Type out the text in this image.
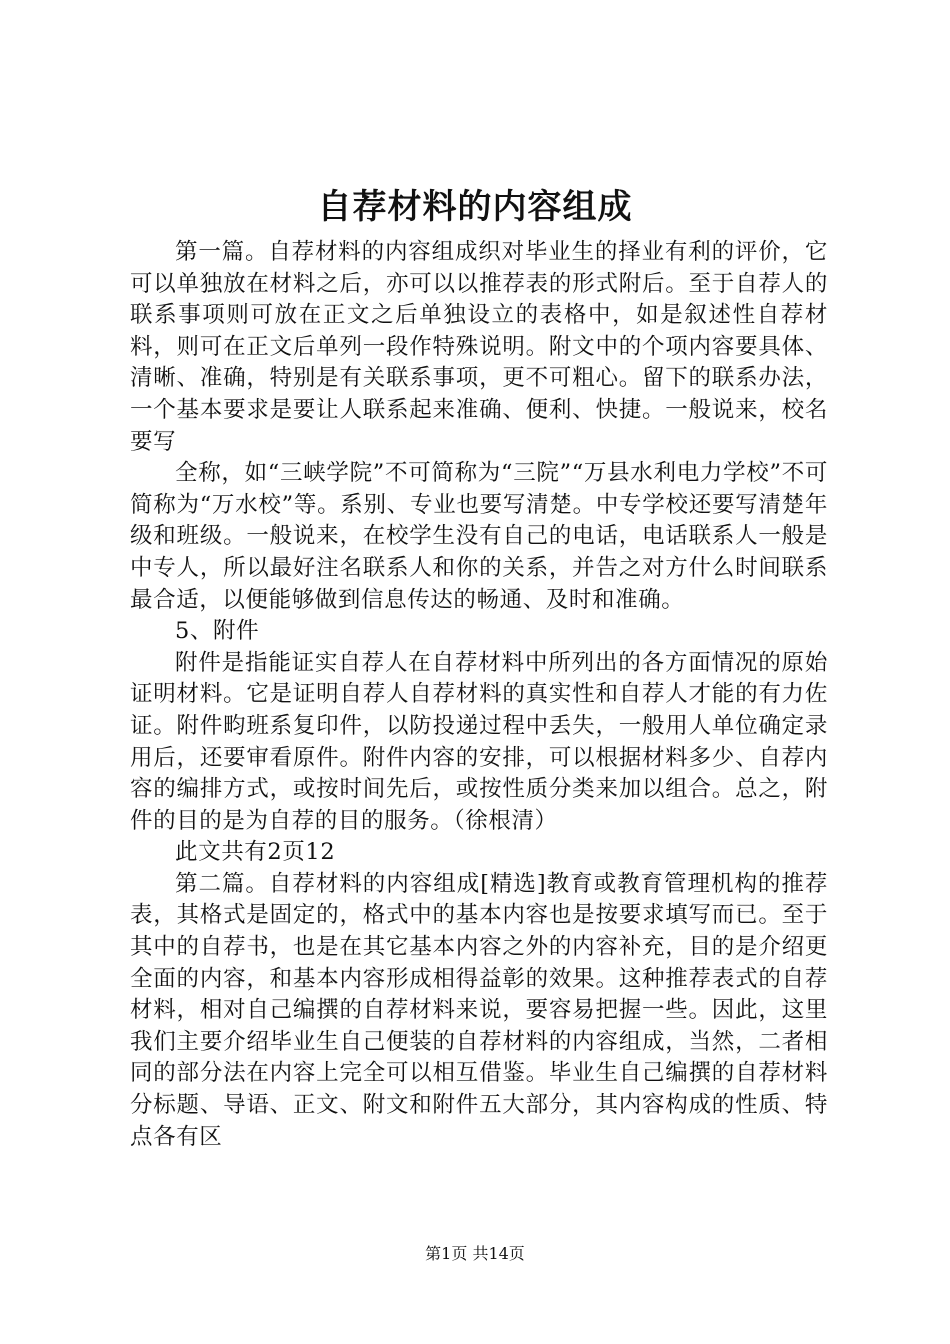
自荐材料的内容组成

第一篇。自荐材料的内容组成织对毕业生的择业有利的评价，它可以单独放在材料之后，亦可以以推荐表的形式附后。至于自荐人的联系事项则可放在正文之后单独设立的表格中，如是叙述性自荐材料，则可在正文后单列一段作特殊说明。附文中的个项内容要具体、清晰、准确，特别是有关联系事项，更不可粗心。留下的联系办法，一个基本要求是要让人联系起来准确、便利、快捷。一般说来，校名要写

全称，如“三峡学院”不可简称为“三院”“万县水利电力学校”不可简称为“万水校”等。系别、专业也要写清楚。中专学校还要写清楚年级和班级。一般说来，在校学生没有自己的电话，电话联系人一般是中专人，所以最好注名联系人和你的关系，并告之对方什么时间联系最合适，以便能够做到信息传达的畅通、及时和准确。

5、附件

附件是指能证实自荐人在自荐材料中所列出的各方面情况的原始证明材料。它是证明自荐人自荐材料的真实性和自荐人才能的有力佐证。附件畇班系复印件，以防投递过程中丢失，一般用人单位确定录用后，还要审看原件。附件内容的安排，可以根据材料多少、自荐内容的编排方式，或按时间先后，或按性质分类来加以组合。总之，附件的目的是为自荐的目的服务。（徐根清）

此文共有2页12

第二篇。自荐材料的内容组成[精选]教育或教育管理机构的推荐表，其格式是固定的，格式中的基本内容也是按要求填写而已。至于其中的自荐书，也是在其它基本内容之外的内容补充，目的是介绍更全面的内容，和基本内容形成相得益彰的效果。这种推荐表式的自荐材料，相对自己编撰的自荐材料来说，要容易把握一些。因此，这里我们主要介绍毕业生自己便装的自荐材料的内容组成，当然，二者相同的部分法在内容上完全可以相互借鉴。毕业生自己编撰的自荐材料分标题、导语、正文、附文和附件五大部分，其内容构成的性质、特点各有区

第1页 共14页
